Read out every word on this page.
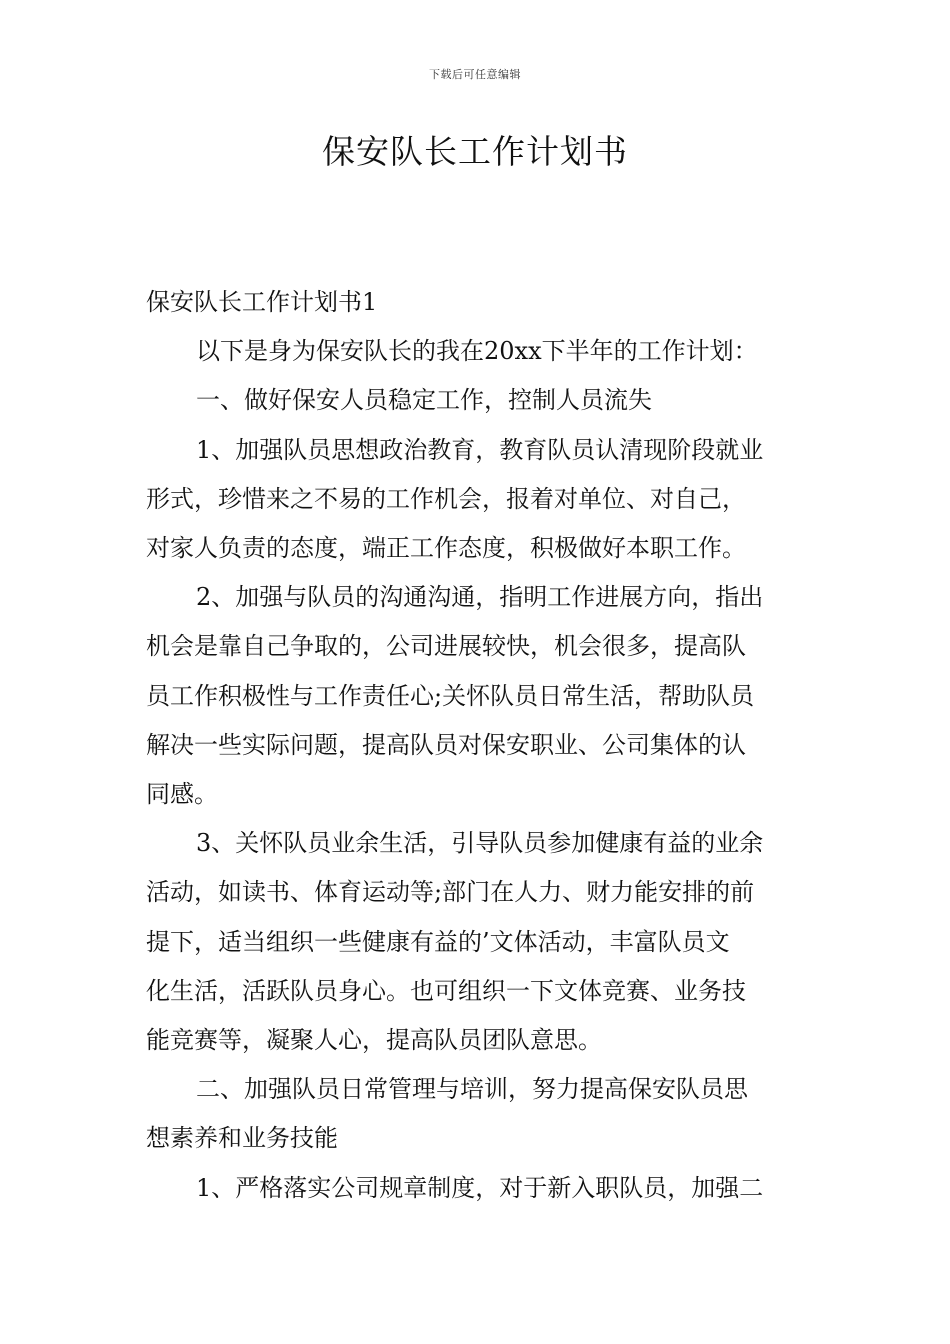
下载后可任意编辑
保安队长工作计划书

保安队长工作计划书1

以下是身为保安队长的我在20xx下半年的工作计划：

一、做好保安人员稳定工作，控制人员流失

1、加强队员思想政治教育，教育队员认清现阶段就业

形式，珍惜来之不易的工作机会，报着对单位、对自己，

对家人负责的态度，端正工作态度，积极做好本职工作。

2、加强与队员的沟通沟通，指明工作进展方向，指出

机会是靠自己争取的，公司进展较快，机会很多，提高队

员工作积极性与工作责任心;关怀队员日常生活，帮助队员

解决一些实际问题，提高队员对保安职业、公司集体的认

同感。

3、关怀队员业余生活，引导队员参加健康有益的业余

活动，如读书、体育运动等;部门在人力、财力能安排的前

提下，适当组织一些健康有益的’文体活动，丰富队员文

化生活，活跃队员身心。也可组织一下文体竞赛、业务技

能竞赛等，凝聚人心，提高队员团队意思。

二、加强队员日常管理与培训，努力提高保安队员思

想素养和业务技能

1、严格落实公司规章制度，对于新入职队员，加强二
